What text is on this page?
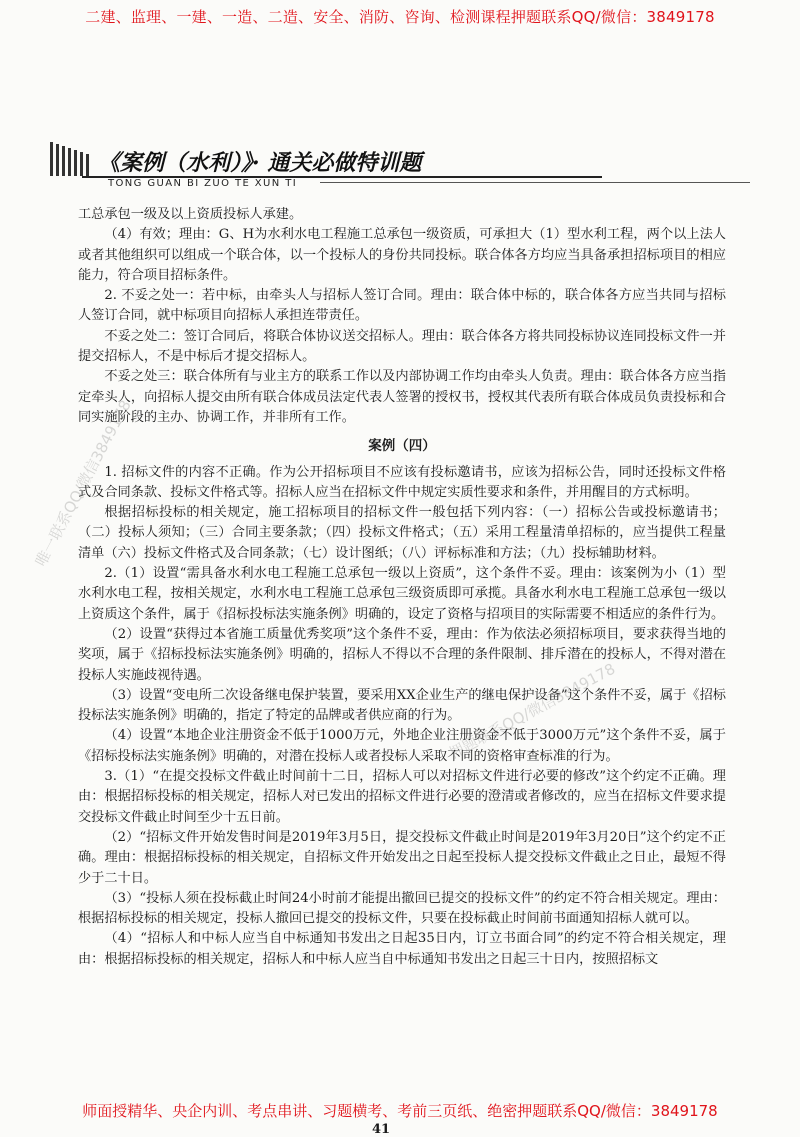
二建、监理、一建、一造、二造、安全、消防、咨询、检测课程押题联系QQ/微信：3849178
《案例（水利）》· 通关必做特训题
TONG GUAN BI ZUO TE XUN TI

工总承包一级及以上资质投标人承建。

（4）有效；理由：G、H为水利水电工程施工总承包一级资质，可承担大（1）型水利工程，两个以上法人或者其他组织可以组成一个联合体，以一个投标人的身份共同投标。联合体各方均应当具备承担招标项目的相应能力，符合项目招标条件。

2. 不妥之处一：若中标，由牵头人与招标人签订合同。理由：联合体中标的，联合体各方应当共同与招标人签订合同，就中标项目向招标人承担连带责任。

不妥之处二：签订合同后，将联合体协议送交招标人。理由：联合体各方将共同投标协议连同投标文件一并提交招标人，不是中标后才提交招标人。

不妥之处三：联合体所有与业主方的联系工作以及内部协调工作均由牵头人负责。理由：联合体各方应当指定牵头人，向招标人提交由所有联合体成员法定代表人签署的授权书，授权其代表所有联合体成员负责投标和合同实施阶段的主办、协调工作，并非所有工作。

案例（四）

1. 招标文件的内容不正确。作为公开招标项目不应该有投标邀请书，应该为招标公告，同时还投标文件格式及合同条款、投标文件格式等。招标人应当在招标文件中规定实质性要求和条件，并用醒目的方式标明。

根据招标投标的相关规定，施工招标项目的招标文件一般包括下列内容：（一）招标公告或投标邀请书；（二）投标人须知；（三）合同主要条款；（四）投标文件格式；（五）采用工程量清单招标的，应当提供工程量清单（六）投标文件格式及合同条款；（七）设计图纸；（八）评标标准和方法；（九）投标辅助材料。

2.（1）设置“需具备水利水电工程施工总承包一级以上资质”，这个条件不妥。理由：该案例为小（1）型水利水电工程，按相关规定，水利水电工程施工总承包三级资质即可承揽。具备水利水电工程施工总承包一级以上资质这个条件，属于《招标投标法实施条例》明确的，设定了资格与招项目的实际需要不相适应的条件行为。

（2）设置“获得过本省施工质量优秀奖项”这个条件不妥，理由：作为依法必须招标项目，要求获得当地的奖项，属于《招标投标法实施条例》明确的，招标人不得以不合理的条件限制、排斥潜在的投标人，不得对潜在投标人实施歧视待遇。

（3）设置“变电所二次设备继电保护装置，要采用XX企业生产的继电保护设备”这个条件不妥，属于《招标投标法实施条例》明确的，指定了特定的品牌或者供应商的行为。

（4）设置“本地企业注册资金不低于1000万元，外地企业注册资金不低于3000万元”这个条件不妥，属于《招标投标法实施条例》明确的，对潜在投标人或者投标人采取不同的资格审查标准的行为。

3.（1）“在提交投标文件截止时间前十二日，招标人可以对招标文件进行必要的修改”这个约定不正确。理由：根据招标投标的相关规定，招标人对已发出的招标文件进行必要的澄清或者修改的，应当在招标文件要求提交投标文件截止时间至少十五日前。

（2）“招标文件开始发售时间是2019年3月5日，提交投标文件截止时间是2019年3月20日”这个约定不正确。理由：根据招标投标的相关规定，自招标文件开始发出之日起至投标人提交投标文件截止之日止，最短不得少于二十日。

（3）“投标人须在投标截止时间24小时前才能提出撤回已提交的投标文件”的约定不符合相关规定。理由：根据招标投标的相关规定，投标人撤回已提交的投标文件，只要在投标截止时间前书面通知招标人就可以。

（4）“招标人和中标人应当自中标通知书发出之日起35日内，订立书面合同”的约定不符合相关规定，理由：根据招标投标的相关规定，招标人和中标人应当自中标通知书发出之日起三十日内，按照招标文

唯一联系QQ/微信3849178
押题联系QQ/微信3849178
师面授精华、央企内训、考点串讲、习题横考、考前三页纸、绝密押题联系QQ/微信：3849178
41
